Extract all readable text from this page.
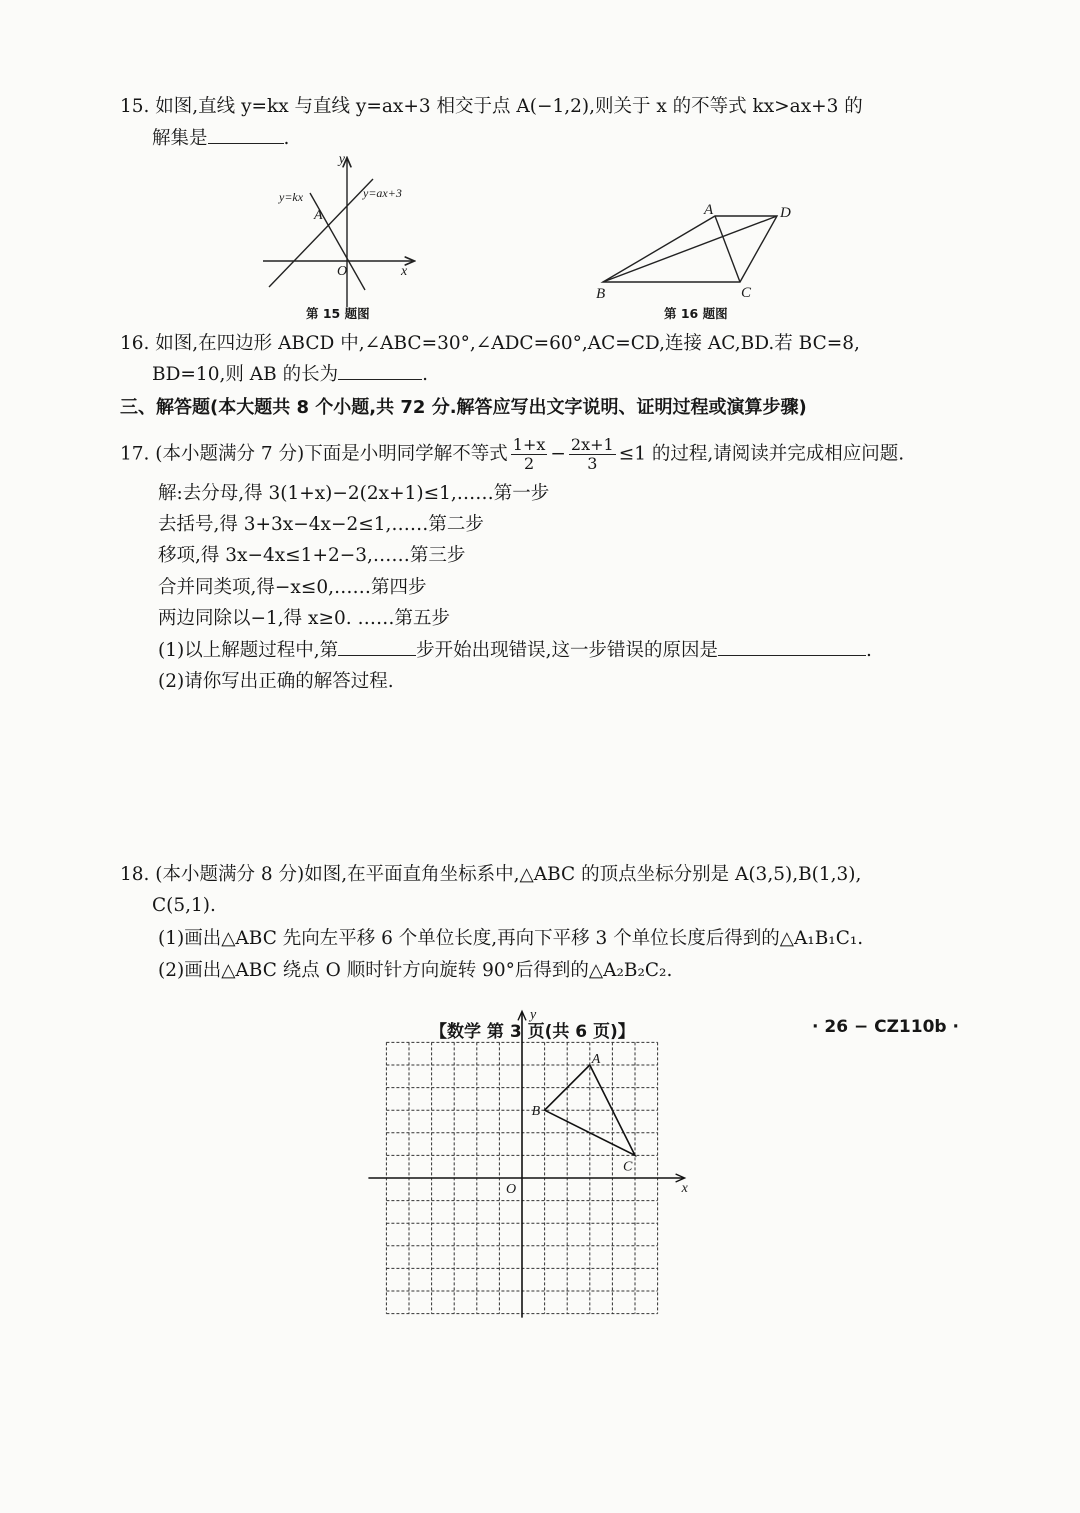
15. 如图,直线 y=kx 与直线 y=ax+3 相交于点 A(−1,2),则关于 x 的不等式 kx>ax+3 的
解集是	.
y
x
O
A
y=kx	y=ax+3
第 15 题图
A	D
B	C
第 16 题图
16. 如图,在四边形 ABCD 中,∠ABC=30°,∠ADC=60°,AC=CD,连接 AC,BD.若 BC=8,
BD=10,则 AB 的长为	.
三、解答题(本大题共 8 个小题,共 72 分.解答应写出文字说明、证明过程或演算步骤)
17. (本小题满分 7 分)下面是小明同学解不等式 $\frac{1+x}{2} - \frac{2x+1}{3} \le 1$ 的过程,请阅读并完成相应问题.
解:去分母,得 3(1+x)−2(2x+1)≤1,……第一步
去括号,得 3+3x−4x−2≤1,……第二步
移项,得 3x−4x≤1+2−3,……第三步
合并同类项,得−x≤0,……第四步
两边同除以−1,得 x≥0. ……第五步
(1)以上解题过程中,第	步开始出现错误,这一步错误的原因是	.
(2)请你写出正确的解答过程.
18. (本小题满分 8 分)如图,在平面直角坐标系中,△ABC 的顶点坐标分别是 A(3,5),B(1,3),
C(5,1).
(1)画出△ABC 先向左平移 6 个单位长度,再向下平移 3 个单位长度后得到的△A₁B₁C₁.
(2)画出△ABC 绕点 O 顺时针方向旋转 90°后得到的△A₂B₂C₂.
x
y
O
A
B
C
【数学 第 3 页(共 6 页)】	· 26 − CZ110b ·
